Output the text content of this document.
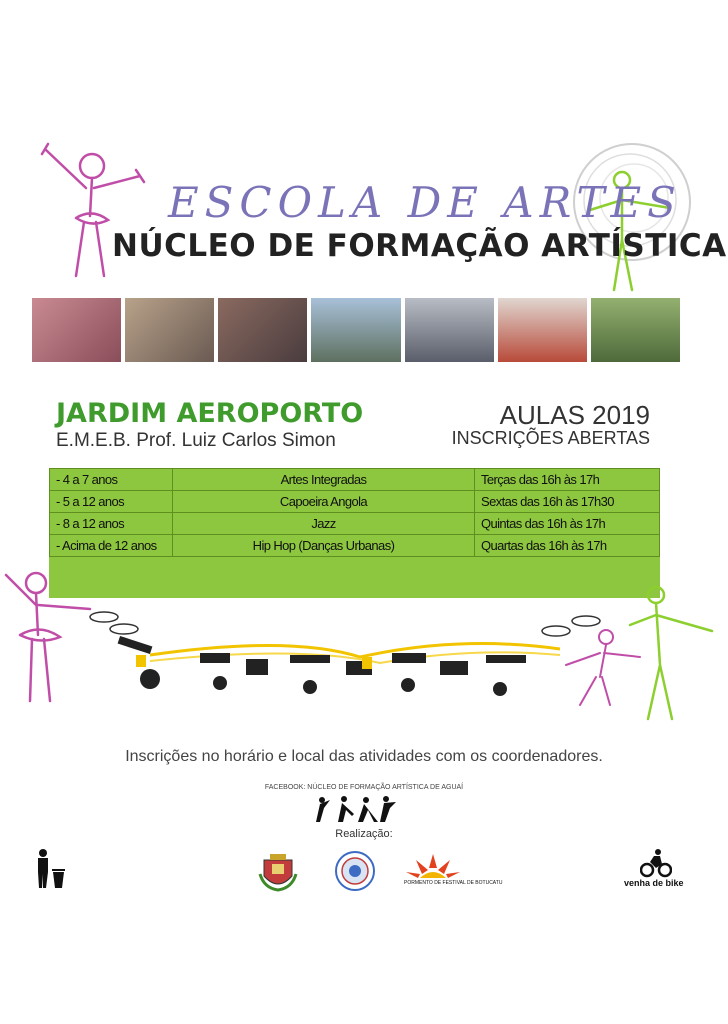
ESCOLA DE ARTES
NÚCLEO DE FORMAÇÃO ARTÍSTICA
JARDIM AEROPORTO
E.M.E.B. Prof. Luiz Carlos Simon
AULAS 2019
INSCRIÇÕES ABERTAS
- 4 a 7 anos	Artes Integradas	Terças das 16h às 17h
- 5 a 12 anos	Capoeira Angola	Sextas das 16h às 17h30
- 8 a 12 anos	Jazz	Quintas das 16h às 17h
- Acima de 12 anos	Hip Hop (Danças Urbanas)	Quartas das 16h às 17h
Inscrições no horário e local das atividades com os coordenadores.
FACEBOOK: NÚCLEO DE FORMAÇÃO ARTÍSTICA DE AGUAÍ
Realização:
PORMENTO DE FESTIVAL DE BOTUCATU	venha de bike
